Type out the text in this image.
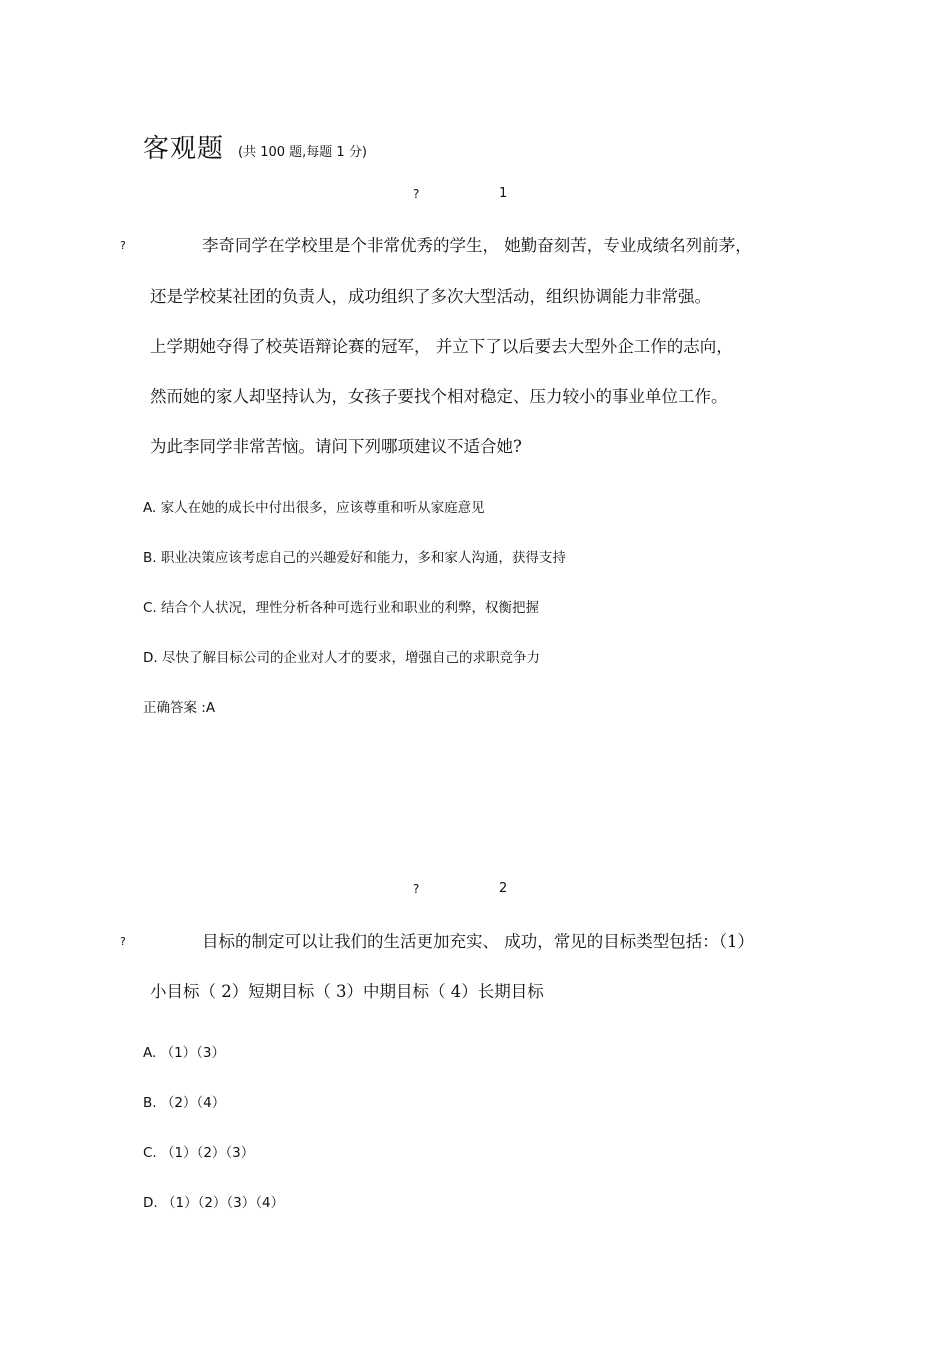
客观题 (共 100 题,每题 1 分)
?	1
?	李奇同学在学校里是个非常优秀的学生， 她勤奋刻苦，专业成绩名列前茅，
还是学校某社团的负责人，成功组织了多次大型活动，组织协调能力非常强。
上学期她夺得了校英语辩论赛的冠军， 并立下了以后要去大型外企工作的志向，
然而她的家人却坚持认为，女孩子要找个相对稳定、压力较小的事业单位工作。
为此李同学非常苦恼。请问下列哪项建议不适合她?
A. 家人在她的成长中付出很多，应该尊重和听从家庭意见
B. 职业决策应该考虑自己的兴趣爱好和能力，多和家人沟通，获得支持
C. 结合个人状况，理性分析各种可选行业和职业的利弊，权衡把握
D. 尽快了解目标公司的企业对人才的要求，增强自己的求职竞争力
正确答案 :A
?	2
?	目标的制定可以让我们的生活更加充实、 成功，常见的目标类型包括：（1）
小目标（ 2）短期目标（ 3）中期目标（ 4）长期目标
A. （1）（3）
B. （2）（4）
C. （1）（2）（3）
D. （1）（2）（3）（4）
